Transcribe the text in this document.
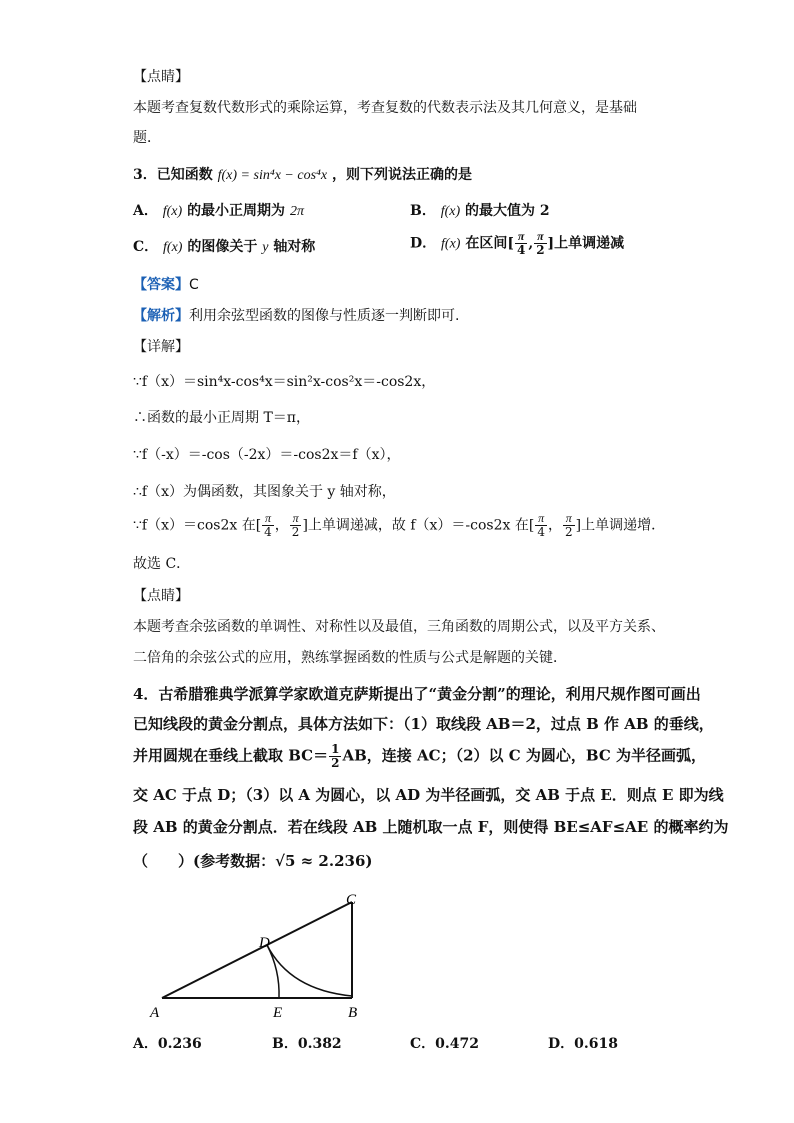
【点睛】
本题考查复数代数形式的乘除运算，考查复数的代数表示法及其几何意义，是基础
题．
3．已知函数 f(x) = sin⁴x − cos⁴x ，则下列说法正确的是
A． f(x) 的最小正周期为 2π	B． f(x) 的最大值为 2
C． f(x) 的图像关于 y 轴对称	D． f(x) 在区间[ $\frac{\pi}{4}$ , $\frac{\pi}{2}$ ]上单调递减
【答案】C
【解析】利用余弦型函数的图像与性质逐一判断即可.
【详解】
∵f（x）＝sin⁴x-cos⁴x＝sin²x-cos²x＝-cos2x，
∴函数的最小正周期 T＝π，
∵f（-x）＝-cos（-2x）＝-cos2x＝f（x），
∴f（x）为偶函数，其图象关于 y 轴对称，
∵f（x）＝cos2x 在[ $\frac{\pi}{4}$ ， $\frac{\pi}{2}$ ]上单调递减，故 f（x）＝-cos2x 在[ $\frac{\pi}{4}$ ， $\frac{\pi}{2}$ ]上单调递增．
故选 C．
【点睛】
本题考查余弦函数的单调性、对称性以及最值，三角函数的周期公式，以及平方关系、
二倍角的余弦公式的应用，熟练掌握函数的性质与公式是解题的关键．
4．古希腊雅典学派算学家欧道克萨斯提出了“黄金分割”的理论，利用尺规作图可画出
已知线段的黄金分割点，具体方法如下：（1）取线段 AB＝2，过点 B 作 AB 的垂线，
并用圆规在垂线上截取 $BC= \frac{1}{2}$ AB，连接 AC；（2）以 C 为圆心，BC 为半径画弧，
交 AC 于点 D；（3）以 A 为圆心，以 AD 为半径画弧，交 AB 于点 E．则点 E 即为线
段 AB 的黄金分割点．若在线段 AB 上随机取一点 F，则使得 BE≤AF≤AE 的概率约为
（　　）(参考数据：√5 ≈ 2.236)
A	B
C
D
E
A．0.236	B．0.382	C．0.472	D．0.618
